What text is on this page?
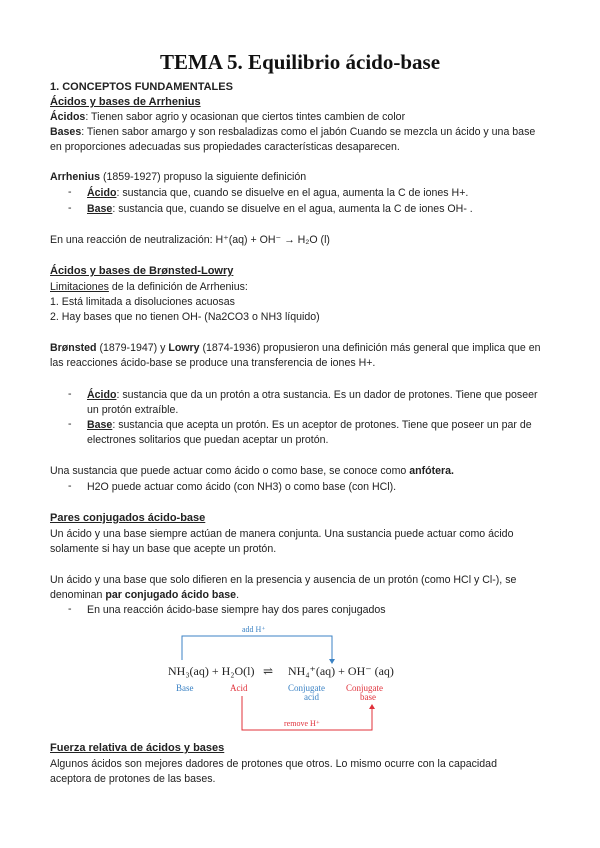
TEMA 5. Equilibrio ácido-base
1. CONCEPTOS FUNDAMENTALES
Ácidos y bases de Arrhenius
Ácidos: Tienen sabor agrio y ocasionan que ciertos tintes cambien de color
Bases: Tienen sabor amargo y son resbaladizas como el jabón Cuando se mezcla un ácido y una base
en proporciones adecuadas sus propiedades características desaparecen.
Arrhenius (1859-1927) propuso la siguiente definición
- Ácido: sustancia que, cuando se disuelve en el agua, aumenta la C de iones H+.
- Base: sustancia que, cuando se disuelve en el agua, aumenta la C de iones OH- .
En una reacción de neutralización: H⁺(aq) + OH⁻ → H₂O (l)
Ácidos y bases de Brønsted-Lowry
Limitaciones de la definición de Arrhenius:
1. Está limitada a disoluciones acuosas
2. Hay bases que no tienen OH- (Na2CO3 o NH3 líquido)
Brønsted (1879-1947) y Lowry (1874-1936) propusieron una definición más general que implica que en
las reacciones ácido-base se produce una transferencia de iones H+.
- Ácido: sustancia que da un protón a otra sustancia. Es un dador de protones. Tiene que poseer
un protón extraíble.
- Base: sustancia que acepta un protón. Es un aceptor de protones. Tiene que poseer un par de
electrones solitarios que puedan aceptar un protón.
Una sustancia que puede actuar como ácido o como base, se conoce como anfótera.
- H2O puede actuar como ácido (con NH3) o como base (con HCl).
Pares conjugados ácido-base
Un ácido y una base siempre actúan de manera conjunta. Una sustancia puede actuar como ácido
solamente si hay un base que acepte un protón.
Un ácido y una base que solo difieren en la presencia y ausencia de un protón (como HCl y Cl-), se
denominan par conjugado ácido base.
- En una reacción ácido-base siempre hay dos pares conjugados
add H⁺
NH₃(aq) + H₂O(l) ⇌ NH₄⁺(aq) + OH⁻ (aq)
Base	Acid	Conjugate
acid
Conjugate
base
remove H⁺
Fuerza relativa de ácidos y bases
Algunos ácidos son mejores dadores de protones que otros. Lo mismo ocurre con la capacidad
aceptora de protones de las bases.
